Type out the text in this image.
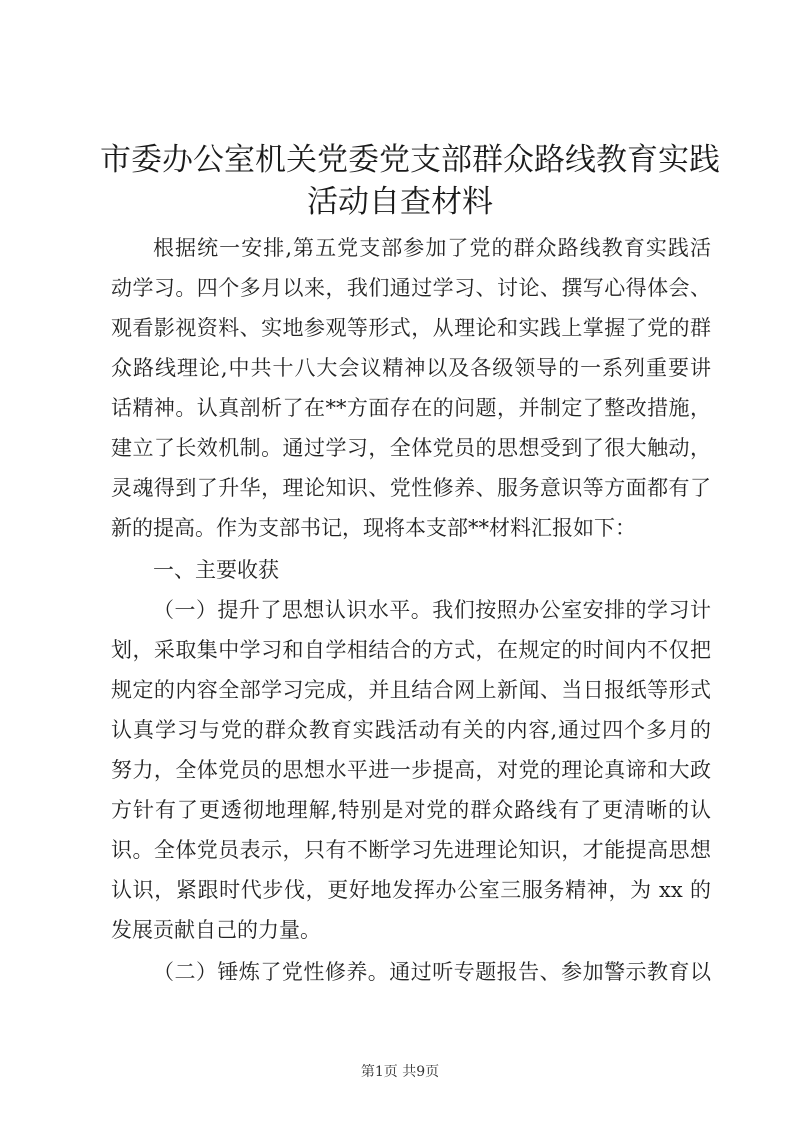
市委办公室机关党委党支部群众路线教育实践
活动自查材料
根据统一安排,第五党支部参加了党的群众路线教育实践活
动学习。四个多月以来，我们通过学习、讨论、撰写心得体会、
观看影视资料、实地参观等形式，从理论和实践上掌握了党的群
众路线理论,中共十八大会议精神以及各级领导的一系列重要讲
话精神。认真剖析了在**方面存在的问题，并制定了整改措施，
建立了长效机制。通过学习，全体党员的思想受到了很大触动，
灵魂得到了升华，理论知识、党性修养、服务意识等方面都有了
新的提高。作为支部书记，现将本支部**材料汇报如下：
一、主要收获
（一）提升了思想认识水平。我们按照办公室安排的学习计
划，采取集中学习和自学相结合的方式，在规定的时间内不仅把
规定的内容全部学习完成，并且结合网上新闻、当日报纸等形式
认真学习与党的群众教育实践活动有关的内容,通过四个多月的
努力，全体党员的思想水平进一步提高，对党的理论真谛和大政
方针有了更透彻地理解,特别是对党的群众路线有了更清晰的认
识。全体党员表示，只有不断学习先进理论知识，才能提高思想
认识，紧跟时代步伐，更好地发挥办公室三服务精神，为 xx 的
发展贡献自己的力量。
（二）锤炼了党性修养。通过听专题报告、参加警示教育以
第1页 共9页
